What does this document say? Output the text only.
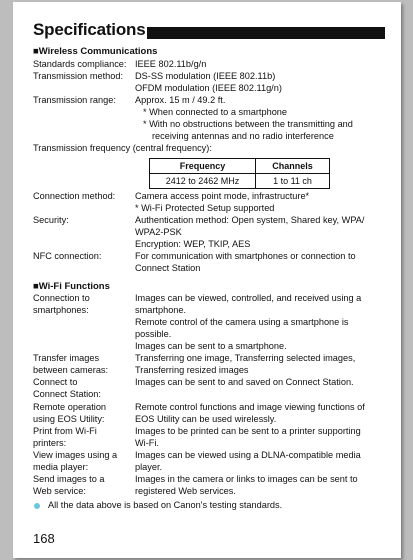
Specifications
■Wireless Communications
Standards compliance: IEEE 802.11b/g/n
Transmission method: DS-SS modulation (IEEE 802.11b)
OFDM modulation (IEEE 802.11g/n)
Transmission range: Approx. 15 m / 49.2 ft.
* When connected to a smartphone
* With no obstructions between the transmitting and
receiving antennas and no radio interference
Transmission frequency (central frequency):
Frequency	Channels
2412 to 2462 MHz	1 to 11 ch
Connection method: Camera access point mode, infrastructure*
* Wi-Fi Protected Setup supported
Security:	Authentication method: Open system, Shared key, WPA/
WPA2-PSK
Encryption: WEP, TKIP, AES
NFC connection:	For communication with smartphones or connection to
Connect Station
■Wi-Fi Functions
Connection to
smartphones:
Images can be viewed, controlled, and received using a
smartphone.
Remote control of the camera using a smartphone is
possible.
Images can be sent to a smartphone.
Transfer images
between cameras:
Transferring one image, Transferring selected images,
Transferring resized images
Connect to
Connect Station:
Images can be sent to and saved on Connect Station.
Remote operation
using EOS Utility:
Remote control functions and image viewing functions of
EOS Utility can be used wirelessly.
Print from Wi-Fi
printers:
Images to be printed can be sent to a printer supporting
Wi-Fi.
View images using a
media player:
Images can be viewed using a DLNA-compatible media
player.
Send images to a
Web service:
Images in the camera or links to images can be sent to
registered Web services.
All the data above is based on Canon's testing standards.
168
